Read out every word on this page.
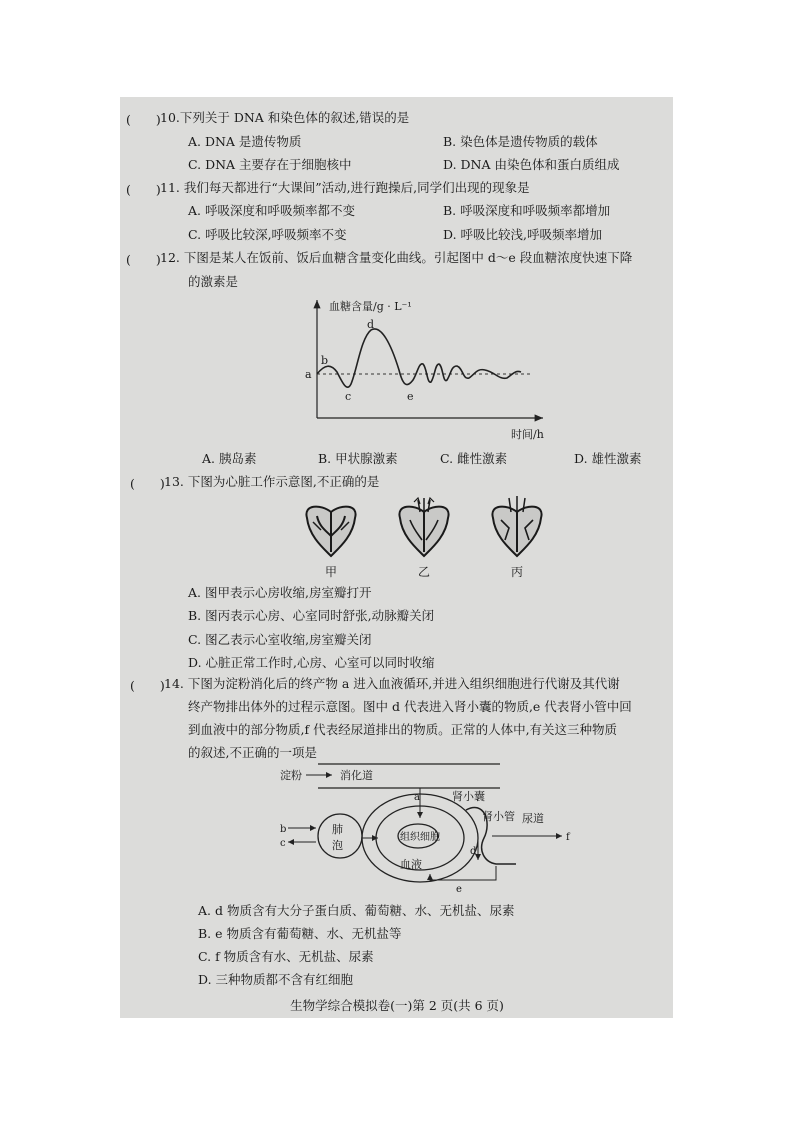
(　　) 10.下列关于 DNA 和染色体的叙述,错误的是
A. DNA 是遗传物质	B. 染色体是遗传物质的载体
C. DNA 主要存在于细胞核中	D. DNA 由染色体和蛋白质组成
(　　) 11. 我们每天都进行“大课间”活动,进行跑操后,同学们出现的现象是
A. 呼吸深度和呼吸频率都不变	B. 呼吸深度和呼吸频率都增加
C. 呼吸比较深,呼吸频率不变	D. 呼吸比较浅,呼吸频率增加
(　　) 12. 下图是某人在饭前、饭后血糖含量变化曲线。引起图中 d～e 段血糖浓度快速下降
的激素是
血糖含量/g · L⁻¹
时间/h
a
b
c
d
e
A. 胰岛素	B. 甲状腺激素	C. 雌性激素	D. 雄性激素
(　　) 13. 下图为心脏工作示意图,不正确的是
甲	乙	丙
A. 图甲表示心房收缩,房室瓣打开
B. 图丙表示心房、心室同时舒张,动脉瓣关闭
C. 图乙表示心室收缩,房室瓣关闭
D. 心脏正常工作时,心房、心室可以同时收缩
(　　) 14. 下图为淀粉消化后的终产物 a 进入血液循环,并进入组织细胞进行代谢及其代谢
终产物排出体外的过程示意图。图中 d 代表进入肾小囊的物质,e 代表肾小管中回
到血液中的部分物质,f 代表经尿道排出的物质。正常的人体中,有关这三种物质
的叙述,不正确的一项是
淀粉	消化道
a
肺
泡
b
c
组织细胞
血液
肾小囊
肾小管 尿道
f
d
e
A. d 物质含有大分子蛋白质、葡萄糖、水、无机盐、尿素
B. e 物质含有葡萄糖、水、无机盐等
C. f 物质含有水、无机盐、尿素
D. 三种物质都不含有红细胞
生物学综合模拟卷(一)第 2 页(共 6 页)
